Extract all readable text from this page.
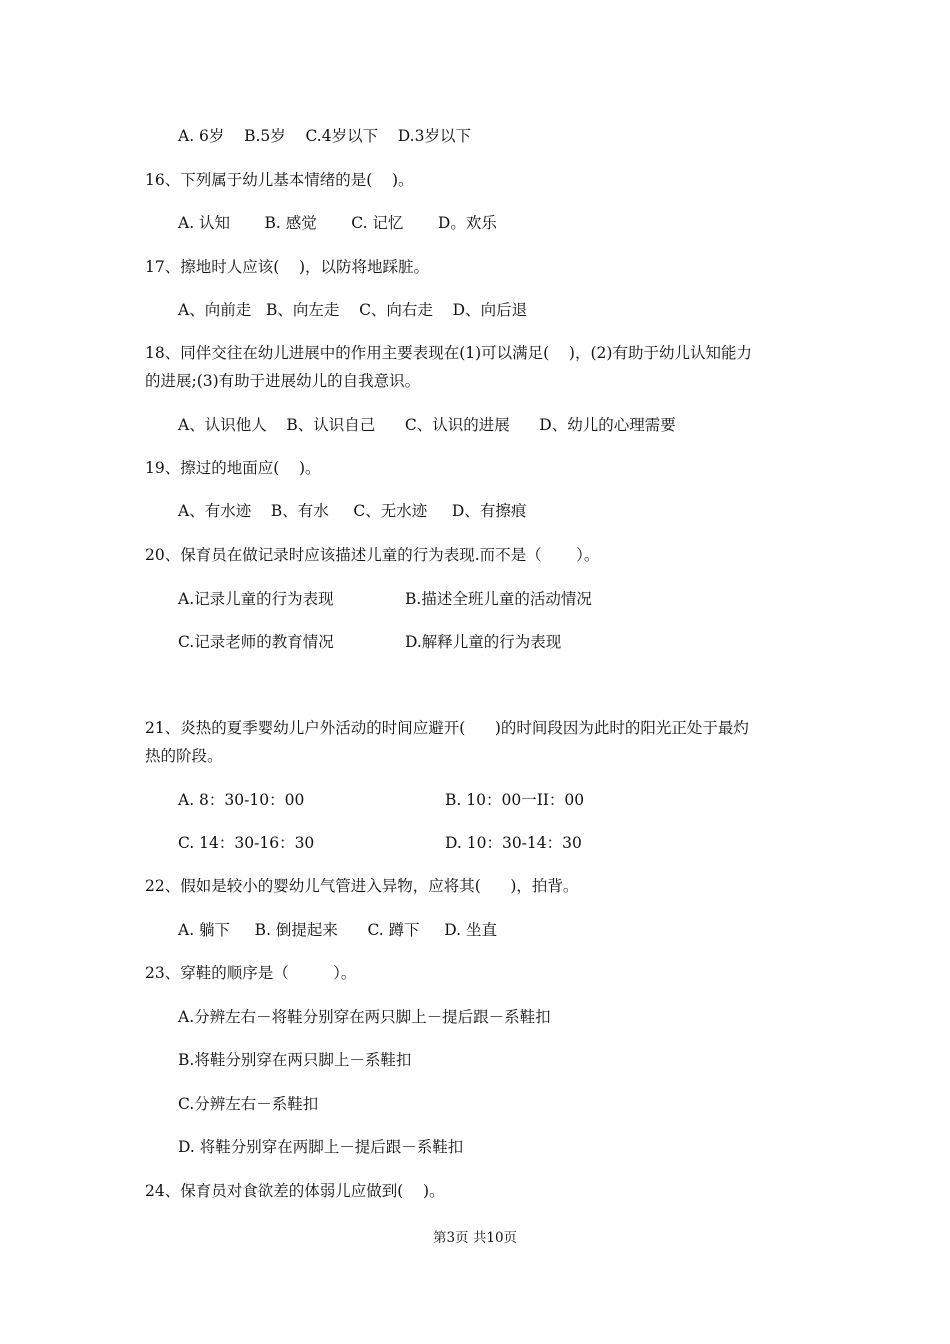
A. 6岁    B.5岁    C.4岁以下    D.3岁以下
16、下列属于幼儿基本情绪的是(    )。
A. 认知       B. 感觉       C. 记忆       D。欢乐
17、擦地时人应该(    )，以防将地踩脏。
A、向前走   B、向左走    C、向右走    D、向后退
18、同伴交往在幼儿进展中的作用主要表现在(1)可以满足(    )，(2)有助于幼儿认知能力
的进展;(3)有助于进展幼儿的自我意识。
A、认识他人    B、认识自己      C、认识的进展      D、幼儿的心理需要
19、擦过的地面应(    )。
A、有水迹    B、有水     C、无水迹     D、有擦痕
20、保育员在做记录时应该描述儿童的行为表现.而不是（       ）。
A.记录儿童的行为表现	B.描述全班儿童的活动情况
C.记录老师的教育情况	D.解释儿童的行为表现
21、炎热的夏季婴幼儿户外活动的时间应避开(      )的时间段因为此时的阳光正处于最灼
热的阶段。
A. 8：30-10：00	B. 10：00一II：00
C. 14：30-16：30	D. 10：30-14：30
22、假如是较小的婴幼儿气管进入异物，应将其(      )，拍背。
A. 躺下     B. 倒提起来      C. 蹲下     D. 坐直
23、穿鞋的顺序是（         ）。
A.分辨左右－将鞋分别穿在两只脚上－提后跟－系鞋扣
B.将鞋分别穿在两只脚上－系鞋扣
C.分辨左右－系鞋扣
D. 将鞋分别穿在两脚上－提后跟－系鞋扣
24、保育员对食欲差的体弱儿应做到(    )。
第3页 共10页
